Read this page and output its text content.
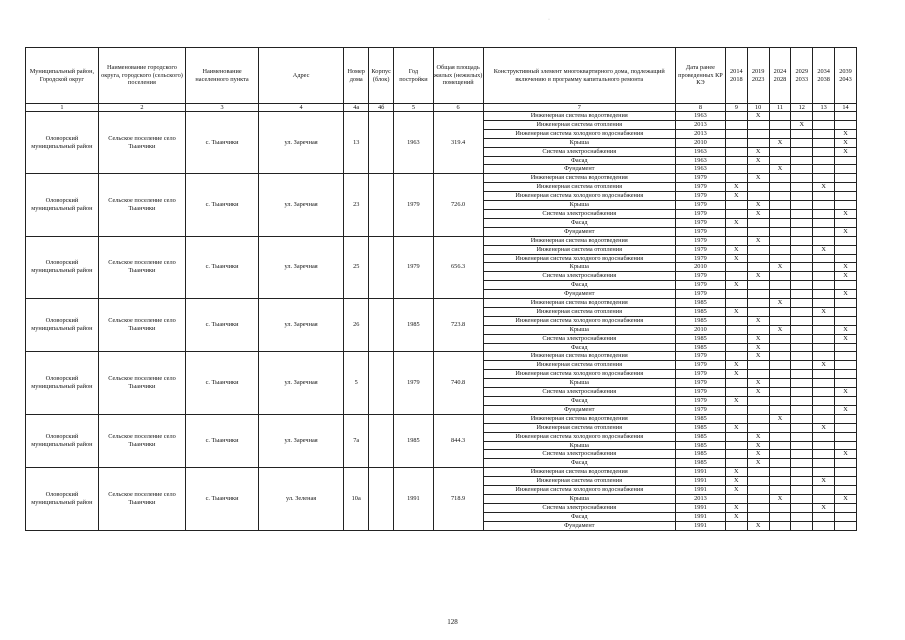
·
Муниципальный район, Городской округ	Наименование городского округа, городского (сельского) поселения	Наименование населенного пункта	Адрес	Номер дома	Корпус (блок)	Год постройки	Общая площадь жилых (нежилых) помещений	Конструктивный элемент многоквартирного дома, подлежащий включению в программу капитального ремонта	Дата ранее проведенных КР КЭ	2014 2018	2019 2023	2024 2028	2029 2033	2034 2038	2039 2043
1	2	3	4	4а	4б	5	6	7	8	9	10	11	12	13	14
Оловорский муниципальный район	Сельское поселение село Тыанчики	с. Тыанчики	ул. Заречная	13		1963	319.4	Инженерная система водоотведения	1963		X				
								Инженерная система отопления	2013				X		
								Инженерная система холодного водоснабжения	2013						X
								Крыша	2010			X			X
								Система электроснабжения	1963		X				X
								Фасад	1963		X				
								Фундамент	1963			X			
Оловорский муниципальный район	Сельское поселение село Тыанчики	с. Тыанчики	ул. Заречная	23		1979	726.0	Инженерная система водоотведения	1979		X				
								Инженерная система отопления	1979	X				X	
								Инженерная система холодного водоснабжения	1979	X					
								Крыша	1979		X				
								Система электроснабжения	1979		X				X
								Фасад	1979	X					
								Фундамент	1979						X
Оловорский муниципальный район	Сельское поселение село Тыанчики	с. Тыанчики	ул. Заречная	25		1979	656.3	Инженерная система водоотведения	1979		X				
								Инженерная система отопления	1979	X				X	
								Инженерная система холодного водоснабжения	1979	X					
								Крыша	2010			X			X
								Система электроснабжения	1979		X				X
								Фасад	1979	X					
								Фундамент	1979						X
Оловорский муниципальный район	Сельское поселение село Тыанчики	с. Тыанчики	ул. Заречная	26		1985	723.8	Инженерная система водоотведения	1985			X			
								Инженерная система отопления	1985	X				X	
								Инженерная система холодного водоснабжения	1985		X				
								Крыша	2010			X			X
								Система электроснабжения	1985		X				X
								Фасад	1985		X				
Оловорский муниципальный район	Сельское поселение село Тыанчики	с. Тыанчики	ул. Заречная	5		1979	740.8	Инженерная система водоотведения	1979		X				
								Инженерная система отопления	1979	X				X	
								Инженерная система холодного водоснабжения	1979	X					
								Крыша	1979		X				
								Система электроснабжения	1979		X				X
								Фасад	1979	X					
								Фундамент	1979						X
Оловорский муниципальный район	Сельское поселение село Тыанчики	с. Тыанчики	ул. Заречная	7а		1985	844.3	Инженерная система водоотведения	1985			X			
								Инженерная система отопления	1985	X				X	
								Инженерная система холодного водоснабжения	1985		X				
								Крыша	1985		X				
								Система электроснабжения	1985		X				X
								Фасад	1985		X				
Оловорский муниципальный район	Сельское поселение село Тыанчики	с. Тыанчики	ул. Зеленая	10а		1991	718.9	Инженерная система водоотведения	1991	X					
								Инженерная система отопления	1991	X				X	
								Инженерная система холодного водоснабжения	1991	X					
								Крыша	2013			X			X
								Система электроснабжения	1991	X				X	
								Фасад	1991	X					
								Фундамент	1991		X				
128
